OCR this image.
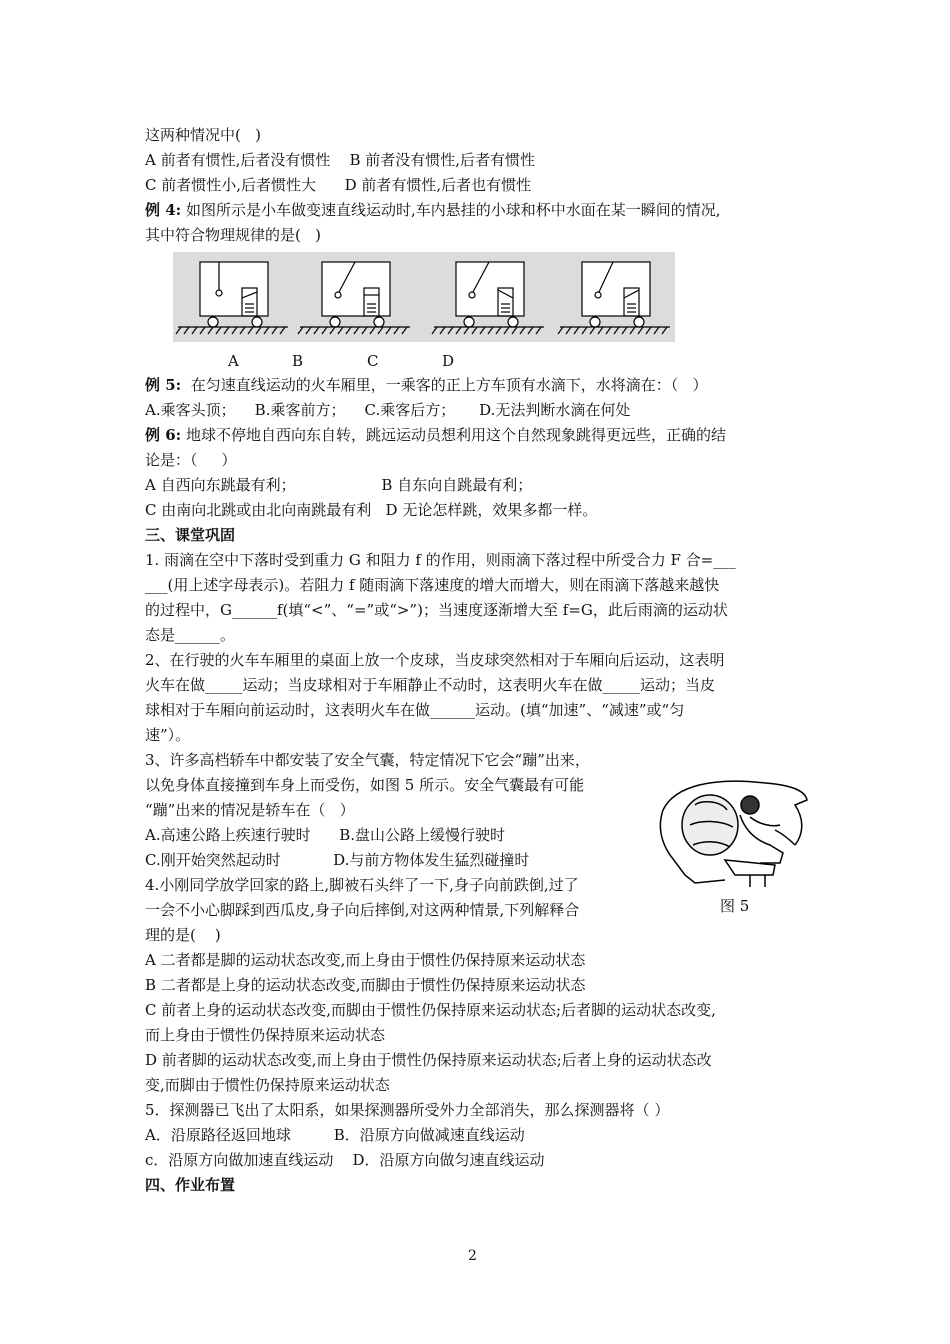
这两种情况中(   )
A 前者有惯性,后者没有惯性    B 前者没有惯性,后者有惯性
C 前者惯性小,后者惯性大      D 前者有惯性,后者也有惯性
例 4: 如图所示是小车做变速直线运动时,车内悬挂的小球和杯中水面在某一瞬间的情况,
其中符合物理规律的是(   )
A	B	C	D
例 5:  在匀速直线运动的火车厢里，一乘客的正上方车顶有水滴下，水将滴在：（   ）
A.乘客头顶；    B.乘客前方；    C.乘客后方；     D.无法判断水滴在何处
例 6: 地球不停地自西向东自转，跳远运动员想利用这个自然现象跳得更远些，正确的结
论是：（     ）
A 自西向东跳最有利；                  B 自东向自跳最有利；
C 由南向北跳或由北向南跳最有利   D 无论怎样跳，效果多都一样。
三、课堂巩固
1. 雨滴在空中下落时受到重力 G 和阻力 f 的作用，则雨滴下落过程中所受合力 F 合=___
___(用上述字母表示)。若阻力 f 随雨滴下落速度的增大而增大，则在雨滴下落越来越快
的过程中，G______f(填“<”、“=”或“>”)；当速度逐渐增大至 f=G，此后雨滴的运动状
态是______。
2、在行驶的火车车厢里的桌面上放一个皮球，当皮球突然相对于车厢向后运动，这表明
火车在做_____运动；当皮球相对于车厢静止不动时，这表明火车在做_____运动；当皮
球相对于车厢向前运动时，这表明火车在做______运动。(填“加速”、“减速”或“匀
速”）。
3、许多高档轿车中都安装了安全气囊，特定情况下它会“蹦”出来，
以免身体直接撞到车身上而受伤，如图 5 所示。安全气囊最有可能
“蹦”出来的情况是轿车在（   ）
A.高速公路上疾速行驶时      B.盘山公路上缓慢行驶时
C.刚开始突然起动时           D.与前方物体发生猛烈碰撞时
4.小刚同学放学回家的路上,脚被石头绊了一下,身子向前跌倒,过了
一会不小心脚踩到西瓜皮,身子向后摔倒,对这两种情景,下列解释合
理的是(    )
A 二者都是脚的运动状态改变,而上身由于惯性仍保持原来运动状态
B 二者都是上身的运动状态改变,而脚由于惯性仍保持原来运动状态
C 前者上身的运动状态改变,而脚由于惯性仍保持原来运动状态;后者脚的运动状态改变,
而上身由于惯性仍保持原来运动状态
D 前者脚的运动状态改变,而上身由于惯性仍保持原来运动状态;后者上身的运动状态改
变,而脚由于惯性仍保持原来运动状态
5．探测器已飞出了太阳系，如果探测器所受外力全部消失，那么探测器将（ ）
A．沿原路径返回地球         B．沿原方向做减速直线运动
c．沿原方向做加速直线运动    D．沿原方向做匀速直线运动
四、作业布置
图 5
2
